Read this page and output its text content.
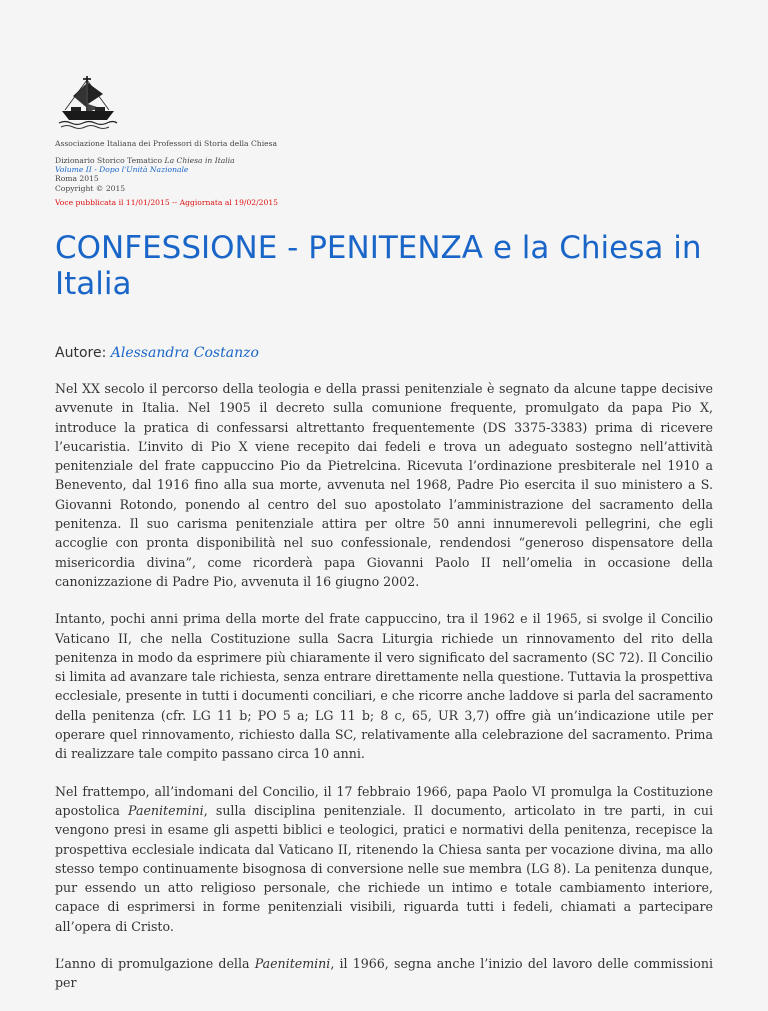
Associazione Italiana dei Professori di Storia della Chiesa
Dizionario Storico Tematico La Chiesa in Italia
Volume II - Dopo l'Unità Nazionale
Roma 2015
Copyright © 2015
Voce pubblicata il 11/01/2015 -- Aggiornata al 19/02/2015
CONFESSIONE - PENITENZA e la Chiesa in Italia
Autore: Alessandra Costanzo

Nel XX secolo il percorso della teologia e della prassi penitenziale è segnato da alcune tappe decisive avvenute in Italia. Nel 1905 il decreto sulla comunione frequente, promulgato da papa Pio X, introduce la pratica di confessarsi altrettanto frequentemente (DS 3375-3383) prima di ricevere l’eucaristia. L’invito di Pio X viene recepito dai fedeli e trova un adeguato sostegno nell’attività penitenziale del frate cappuccino Pio da Pietrelcina. Ricevuta l’ordinazione presbiterale nel 1910 a Benevento, dal 1916 fino alla sua morte, avvenuta nel 1968, Padre Pio esercita il suo ministero a S. Giovanni Rotondo, ponendo al centro del suo apostolato l’amministrazione del sacramento della penitenza. Il suo carisma penitenziale attira per oltre 50 anni innumerevoli pellegrini, che egli accoglie con pronta disponibilità nel suo confessionale, rendendosi “generoso dispensatore della misericordia divina”, come ricorderà papa Giovanni Paolo II nell’omelia in occasione della canonizzazione di Padre Pio, avvenuta il 16 giugno 2002.

Intanto, pochi anni prima della morte del frate cappuccino, tra il 1962 e il 1965, si svolge il Concilio Vaticano II, che nella Costituzione sulla Sacra Liturgia richiede un rinnovamento del rito della penitenza in modo da esprimere più chiaramente il vero significato del sacramento (SC 72). Il Concilio si limita ad avanzare tale richiesta, senza entrare direttamente nella questione. Tuttavia la prospettiva ecclesiale, presente in tutti i documenti conciliari, e che ricorre anche laddove si parla del sacramento della penitenza (cfr. LG 11 b; PO 5 a; LG 11 b; 8 c, 65, UR 3,7) offre già un’indicazione utile per operare quel rinnovamento, richiesto dalla SC, relativamente alla celebrazione del sacramento. Prima di realizzare tale compito passano circa 10 anni.

Nel frattempo, all’indomani del Concilio, il 17 febbraio 1966, papa Paolo VI promulga la Costituzione apostolica Paenitemini, sulla disciplina penitenziale. Il documento, articolato in tre parti, in cui vengono presi in esame gli aspetti biblici e teologici, pratici e normativi della penitenza, recepisce la prospettiva ecclesiale indicata dal Vaticano II, ritenendo la Chiesa santa per vocazione divina, ma allo stesso tempo continuamente bisognosa di conversione nelle sue membra (LG 8). La penitenza dunque, pur essendo un atto religioso personale, che richiede un intimo e totale cambiamento interiore, capace di esprimersi in forme penitenziali visibili, riguarda tutti i fedeli, chiamati a partecipare all’opera di Cristo.

L’anno di promulgazione della Paenitemini, il 1966, segna anche l’inizio del lavoro delle commissioni per
